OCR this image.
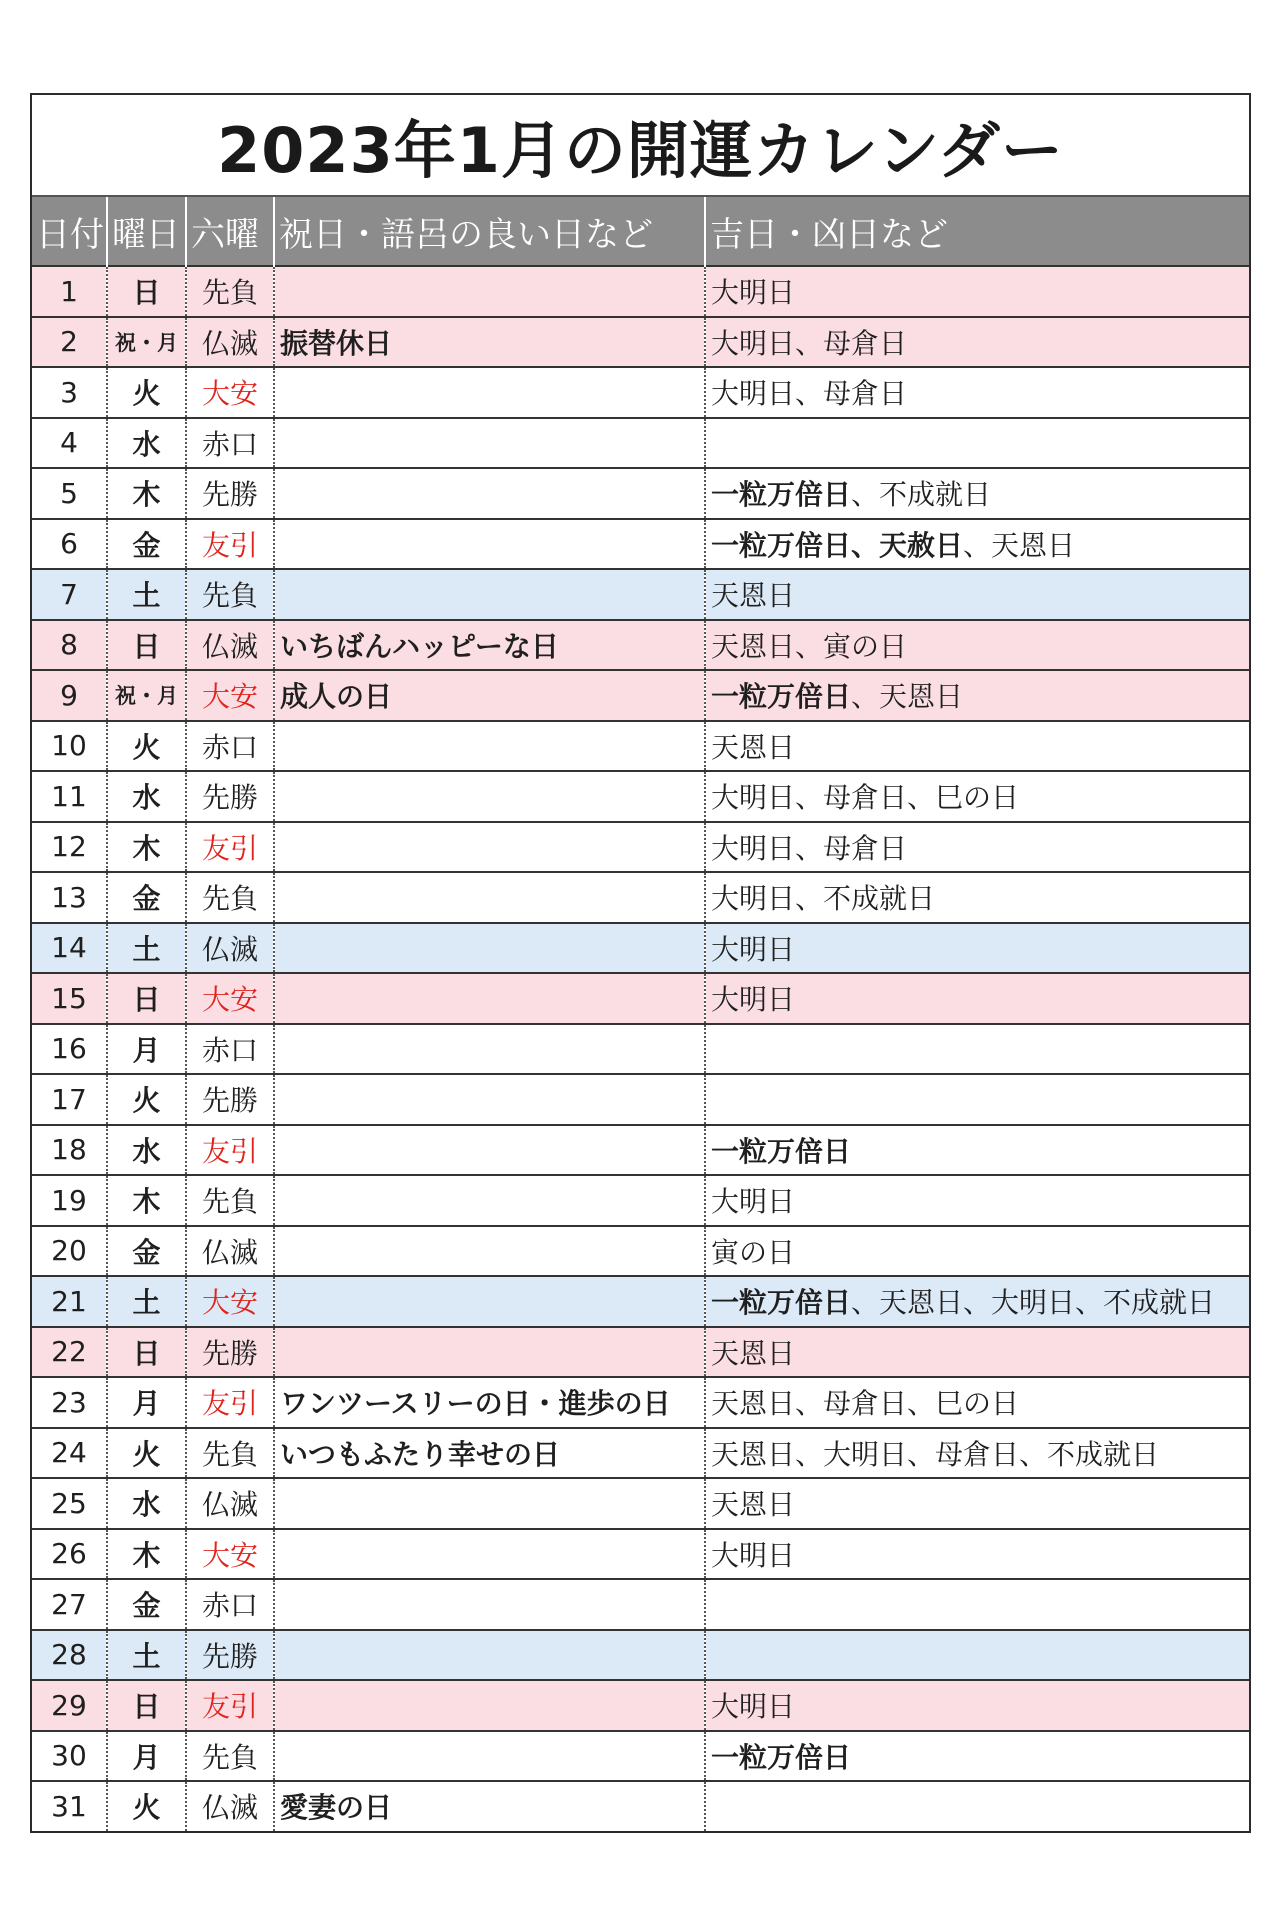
2023年1月の開運カレンダー
日付	曜日	六曜	祝日・語呂の良い日など	吉日・凶日など
1	日	先負		大明日
2	祝・月	仏滅	振替休日	大明日、母倉日
3	火	大安		大明日、母倉日
4	水	赤口		
5	木	先勝		一粒万倍日、不成就日
6	金	友引		一粒万倍日、天赦日、天恩日
7	土	先負		天恩日
8	日	仏滅	いちばんハッピーな日	天恩日、寅の日
9	祝・月	大安	成人の日	一粒万倍日、天恩日
10	火	赤口		天恩日
11	水	先勝		大明日、母倉日、巳の日
12	木	友引		大明日、母倉日
13	金	先負		大明日、不成就日
14	土	仏滅		大明日
15	日	大安		大明日
16	月	赤口		
17	火	先勝		
18	水	友引		一粒万倍日
19	木	先負		大明日
20	金	仏滅		寅の日
21	土	大安		一粒万倍日、天恩日、大明日、不成就日
22	日	先勝		天恩日
23	月	友引	ワンツースリーの日・進歩の日	天恩日、母倉日、巳の日
24	火	先負	いつもふたり幸せの日	天恩日、大明日、母倉日、不成就日
25	水	仏滅		天恩日
26	木	大安		大明日
27	金	赤口		
28	土	先勝		
29	日	友引		大明日
30	月	先負		一粒万倍日
31	火	仏滅	愛妻の日	
